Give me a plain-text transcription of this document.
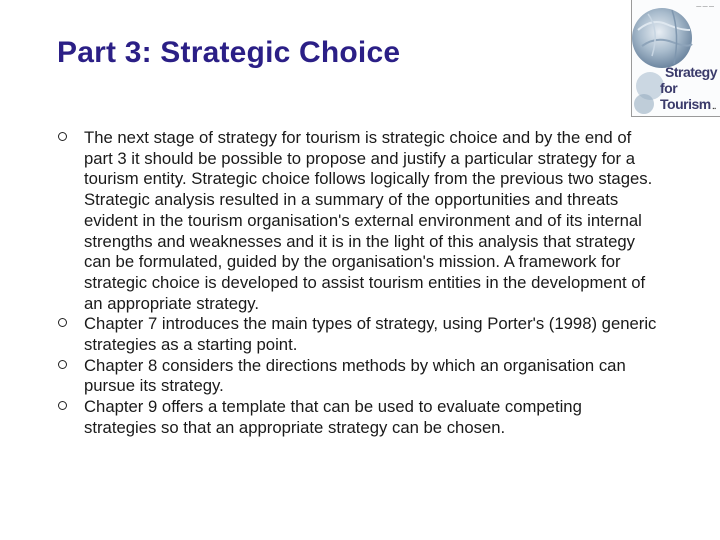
Part 3: Strategic Choice
— — —
Strategy
for Tourism ▪▪
The next stage of strategy for tourism is strategic choice and by the end of part 3 it should be possible to propose and justify a particular strategy for a tourism entity. Strategic choice follows logically from the previous two stages. Strategic analysis resulted in a summary of the opportunities and threats evident in the tourism organisation's external environment and of its internal strengths and weaknesses and it is in the light of this analysis that strategy can be formulated, guided by the organisation's mission. A framework for strategic choice is developed to assist tourism entities in the development of an appropriate strategy.
Chapter 7 introduces the main types of strategy, using Porter's (1998) generic strategies as a starting point.
Chapter 8 considers the directions methods by which an organisation can pursue its strategy.
Chapter 9 offers a template that can be used to evaluate competing strategies so that an appropriate strategy can be chosen.
